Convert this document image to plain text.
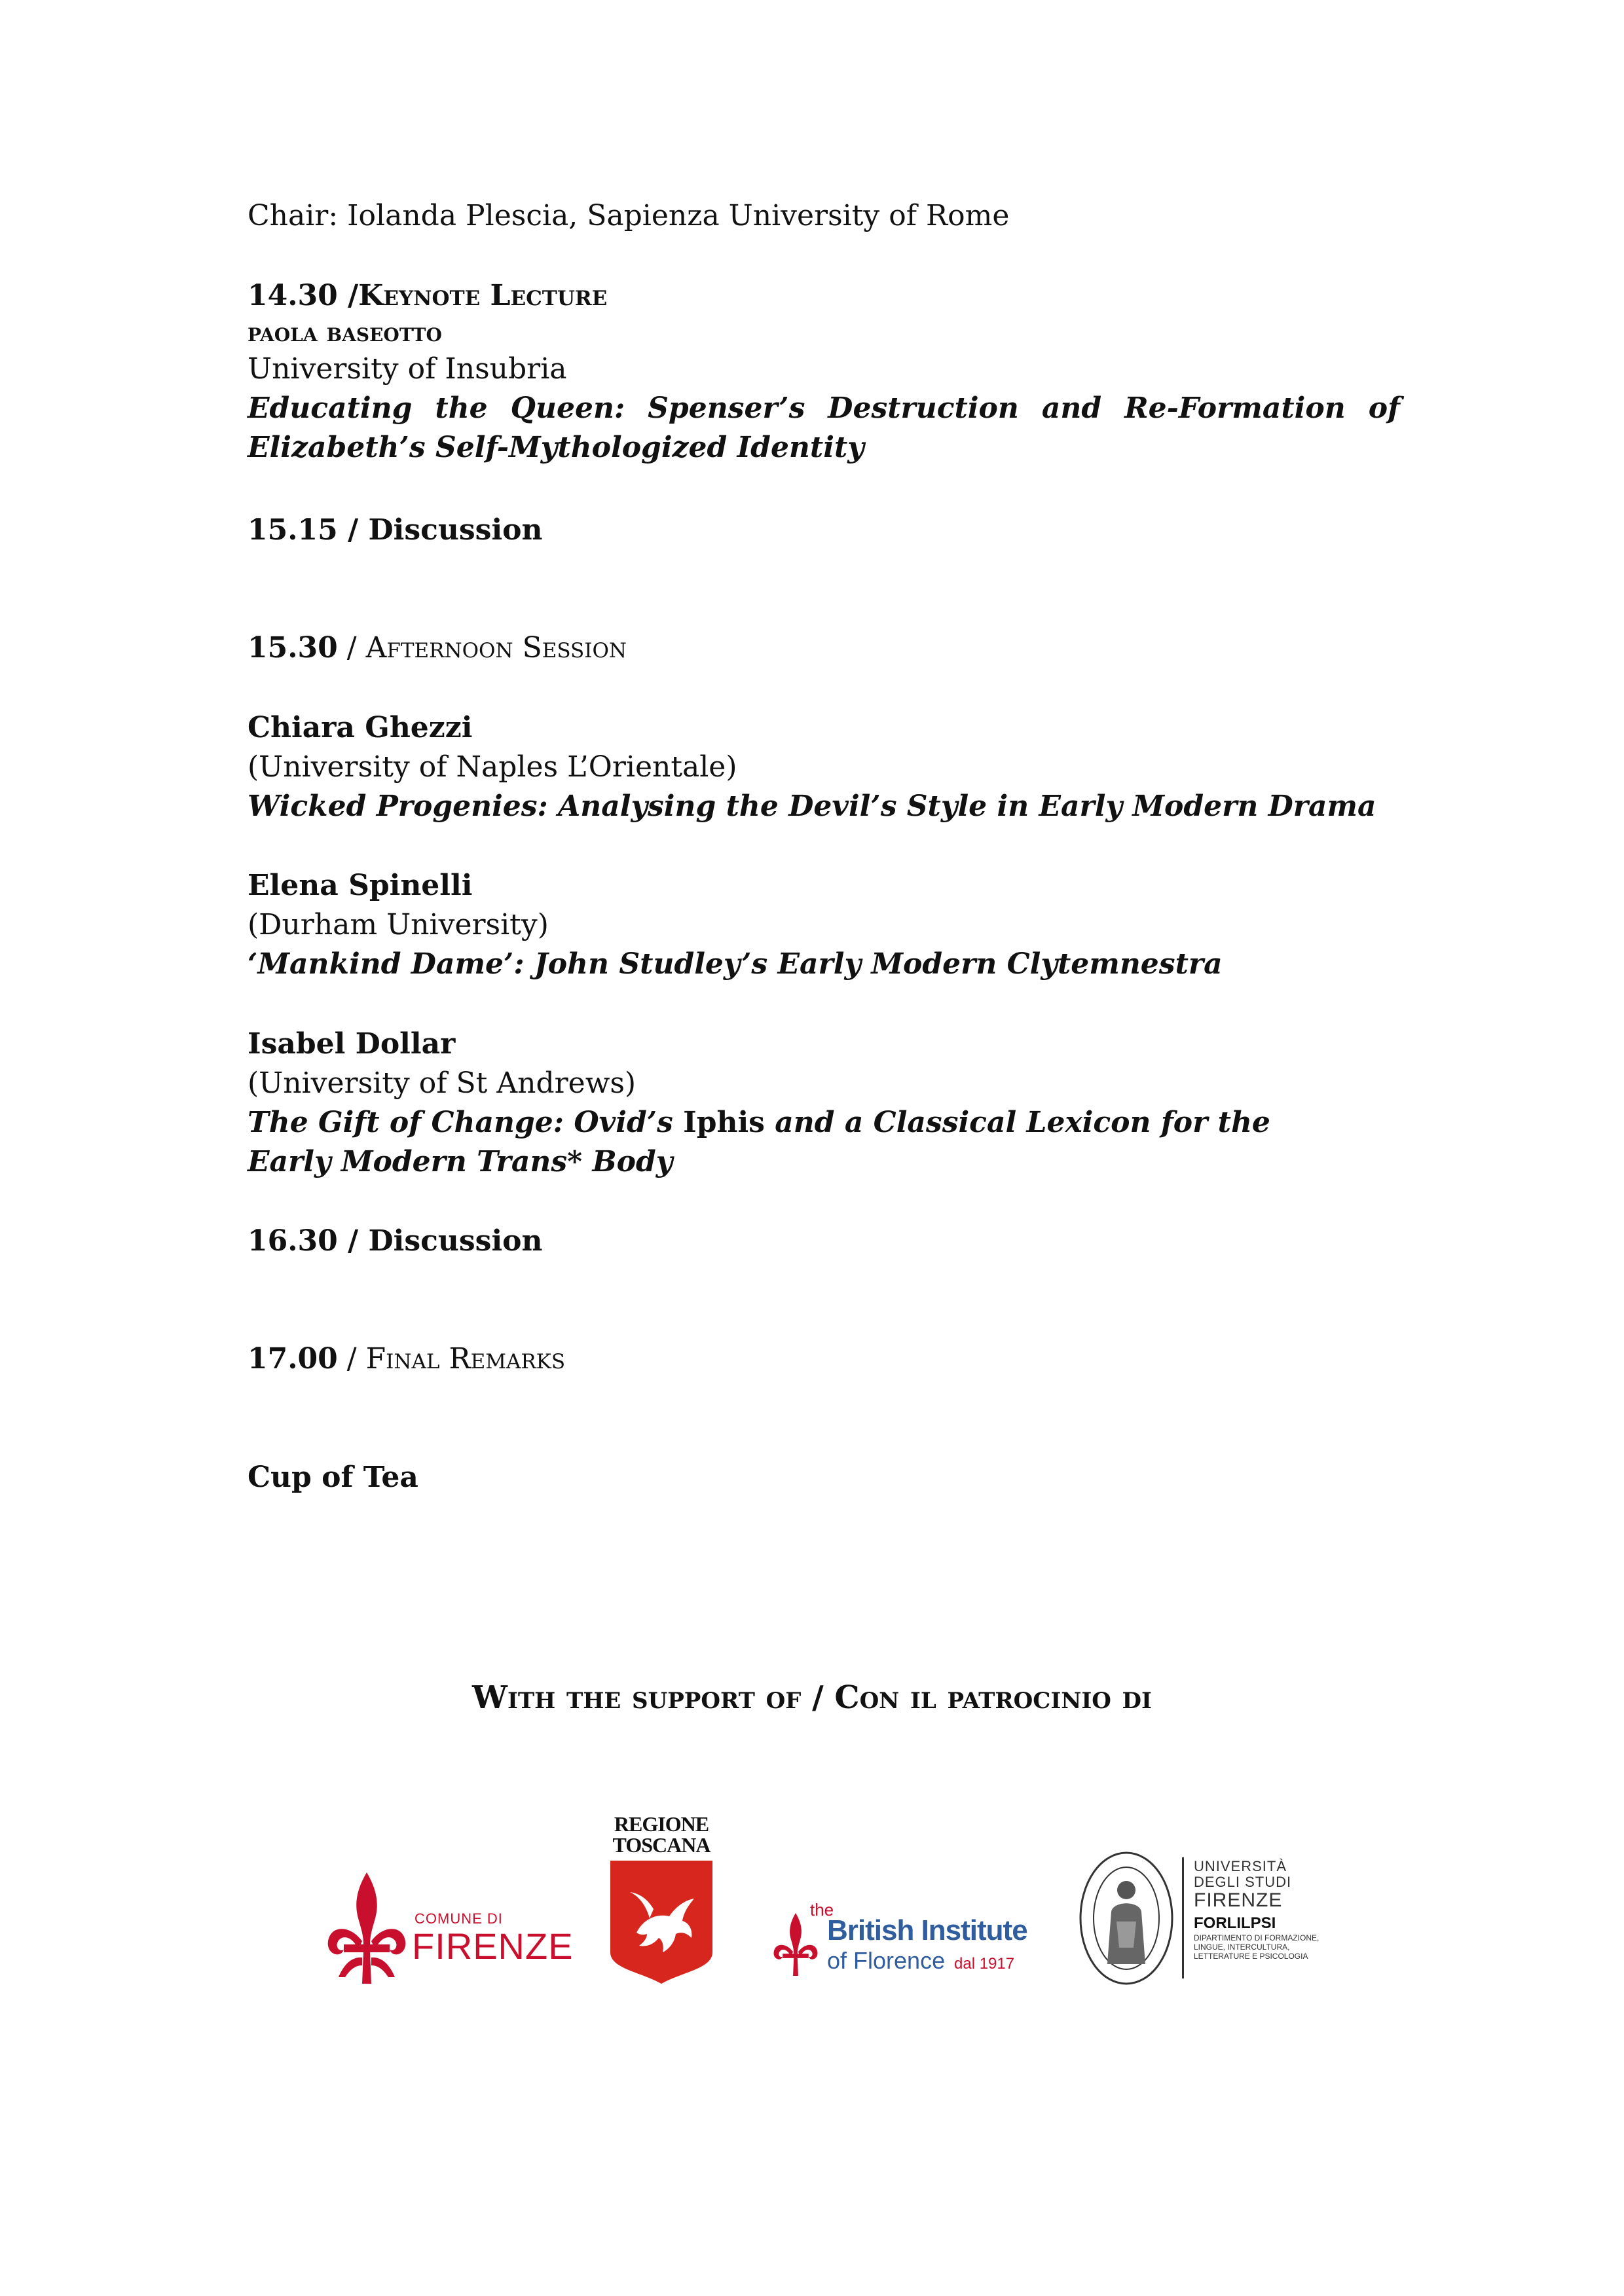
Chair: Iolanda Plescia, Sapienza University of Rome

14.30 /Keynote Lecture

paola baseotto

University of Insubria

Educating the Queen: Spenser’s Destruction and Re-Formation of Elizabeth’s Self-Mythologized Identity

15.15 / Discussion

15.30 / Afternoon Session

Chiara Ghezzi

(University of Naples L’Orientale)

Wicked Progenies: Analysing the Devil’s Style in Early Modern Drama

Elena Spinelli

(Durham University)

‘Mankind Dame’: John Studley’s Early Modern Clytemnestra

Isabel Dollar

(University of St Andrews)

The Gift of Change: Ovid’s Iphis and a Classical Lexicon for the Early Modern Trans* Body

16.30 / Discussion

17.00 / Final Remarks

Cup of Tea

With the support of / Con il patrocinio di
COMUNE DI
FIRENZE
REGIONE
TOSCANA
the
British Institute
of Florence dal 1917
UNIVERSITÀ
DEGLI STUDI
FIRENZE
FORLILPSI
DIPARTIMENTO DI FORMAZIONE,
LINGUE, INTERCULTURA,
LETTERATURE E PSICOLOGIA
